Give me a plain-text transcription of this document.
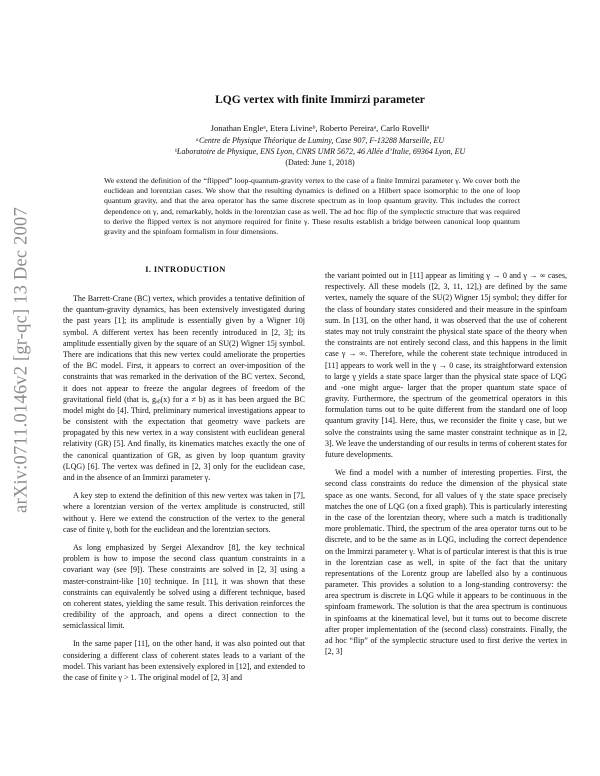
arXiv:0711.0146v2 [gr-qc] 13 Dec 2007
LQG vertex with finite Immirzi parameter
Jonathan Engleᵃ, Etera Livineᵇ, Roberto Pereiraᵃ, Carlo Rovelliᵃ
ᵃCentre de Physique Théorique de Luminy, Case 907, F-13288 Marseille, EU
ᵇLaboratoire de Physique, ENS Lyon, CNRS UMR 5672, 46 Allée d’Italie, 69364 Lyon, EU
(Dated: June 1, 2018)
We extend the definition of the “flipped” loop-quantum-gravity vertex to the case of a finite Immirzi parameter γ. We cover both the euclidean and lorentzian cases. We show that the resulting dynamics is defined on a Hilbert space isomorphic to the one of loop quantum gravity, and that the area operator has the same discrete spectrum as in loop quantum gravity. This includes the correct dependence on γ, and, remarkably, holds in the lorentzian case as well. The ad hoc flip of the symplectic structure that was required to derive the flipped vertex is not anymore required for finite γ. These results establish a bridge between canonical loop quantum gravity and the spinfoam formalism in four dimensions.
I. INTRODUCTION

The Barrett-Crane (BC) vertex, which provides a tentative definition of the quantum-gravity dynamics, has been extensively investigated during the past years [1]; its amplitude is essentially given by a Wigner 10j symbol. A different vertex has been recently introduced in [2, 3]; its amplitude essentially given by the square of an SU(2) Wigner 15j symbol. There are indications that this new vertex could ameliorate the properties of the BC model. First, it appears to correct an over-imposition of the constraints that was remarked in the derivation of the BC vertex. Second, it does not appear to freeze the angular degrees of freedom of the gravitational field (that is, gₐᵦ(x) for a ≠ b) as it has been argued the BC model might do [4]. Third, preliminary numerical investigations appear to be consistent with the expectation that geometry wave packets are propagated by this new vertex in a way consistent with euclidean general relativity (GR) [5]. And finally, its kinematics matches exactly the one of the canonical quantization of GR, as given by loop quantum gravity (LQG) [6]. The vertex was defined in [2, 3] only for the euclidean case, and in the absence of an Immirzi parameter γ.

A key step to extend the definition of this new vertex was taken in [7], where a lorentzian version of the vertex amplitude is constructed, still without γ. Here we extend the construction of the vertex to the general case of finite γ, both for the euclidean and the lorentzian sectors.

As long emphasized by Sergei Alexandrov [8], the key technical problem is how to impose the second class quantum constraints in a covariant way (see [9]). These constraints are solved in [2, 3] using a master-constraint-like [10] technique. In [11], it was shown that these constraints can equivalently be solved using a different technique, based on coherent states, yielding the same result. This derivation reinforces the credibility of the approach, and opens a direct connection to the semiclassical limit.

In the same paper [11], on the other hand, it was also pointed out that considering a different class of coherent states leads to a variant of the model. This variant has been extensively explored in [12], and extended to the case of finite γ > 1. The original model of [2, 3] and

the variant pointed out in [11] appear as limiting γ → 0 and γ → ∞ cases, respectively. All these models ([2, 3, 11, 12],) are defined by the same vertex, namely the square of the SU(2) Wigner 15j symbol; they differ for the class of boundary states considered and their measure in the spinfoam sum. In [13], on the other hand, it was observed that the use of coherent states may not truly constraint the physical state space of the theory when the constraints are not entirely second class, and this happens in the limit case γ → ∞. Therefore, while the coherent state technique introduced in [11] appears to work well in the γ → 0 case, its straightforward extension to large γ yields a state space larger than the physical state space of LQG and -one might argue- larger that the proper quantum state space of gravity. Furthermore, the spectrum of the geometrical operators in this formulation turns out to be quite different from the standard one of loop quantum gravity [14]. Here, thus, we reconsider the finite γ case, but we solve the constraints using the same master constraint technique as in [2, 3]. We leave the understanding of our results in terms of coherent states for future developments.

We find a model with a number of interesting properties. First, the second class constraints do reduce the dimension of the physical state space as one wants. Second, for all values of γ the state space precisely matches the one of LQG (on a fixed graph). This is particularly interesting in the case of the lorentzian theory, where such a match is traditionally more problematic. Third, the spectrum of the area operator turns out to be discrete, and to be the same as in LQG, including the correct dependence on the Immirzi parameter γ. What is of particular interest is that this is true in the lorentzian case as well, in spite of the fact that the unitary representations of the Lorentz group are labelled also by a continuous parameter. This provides a solution to a long-standing controversy: the area spectrum is discrete in LQG while it appears to be continuous in the spinfoam framework. The solution is that the area spectrum is continuous in spinfoams at the kinematical level, but it turns out to become discrete after proper implementation of the (second class) constraints. Finally, the ad hoc “flip” of the symplectic structure used to first derive the vertex in [2, 3]
